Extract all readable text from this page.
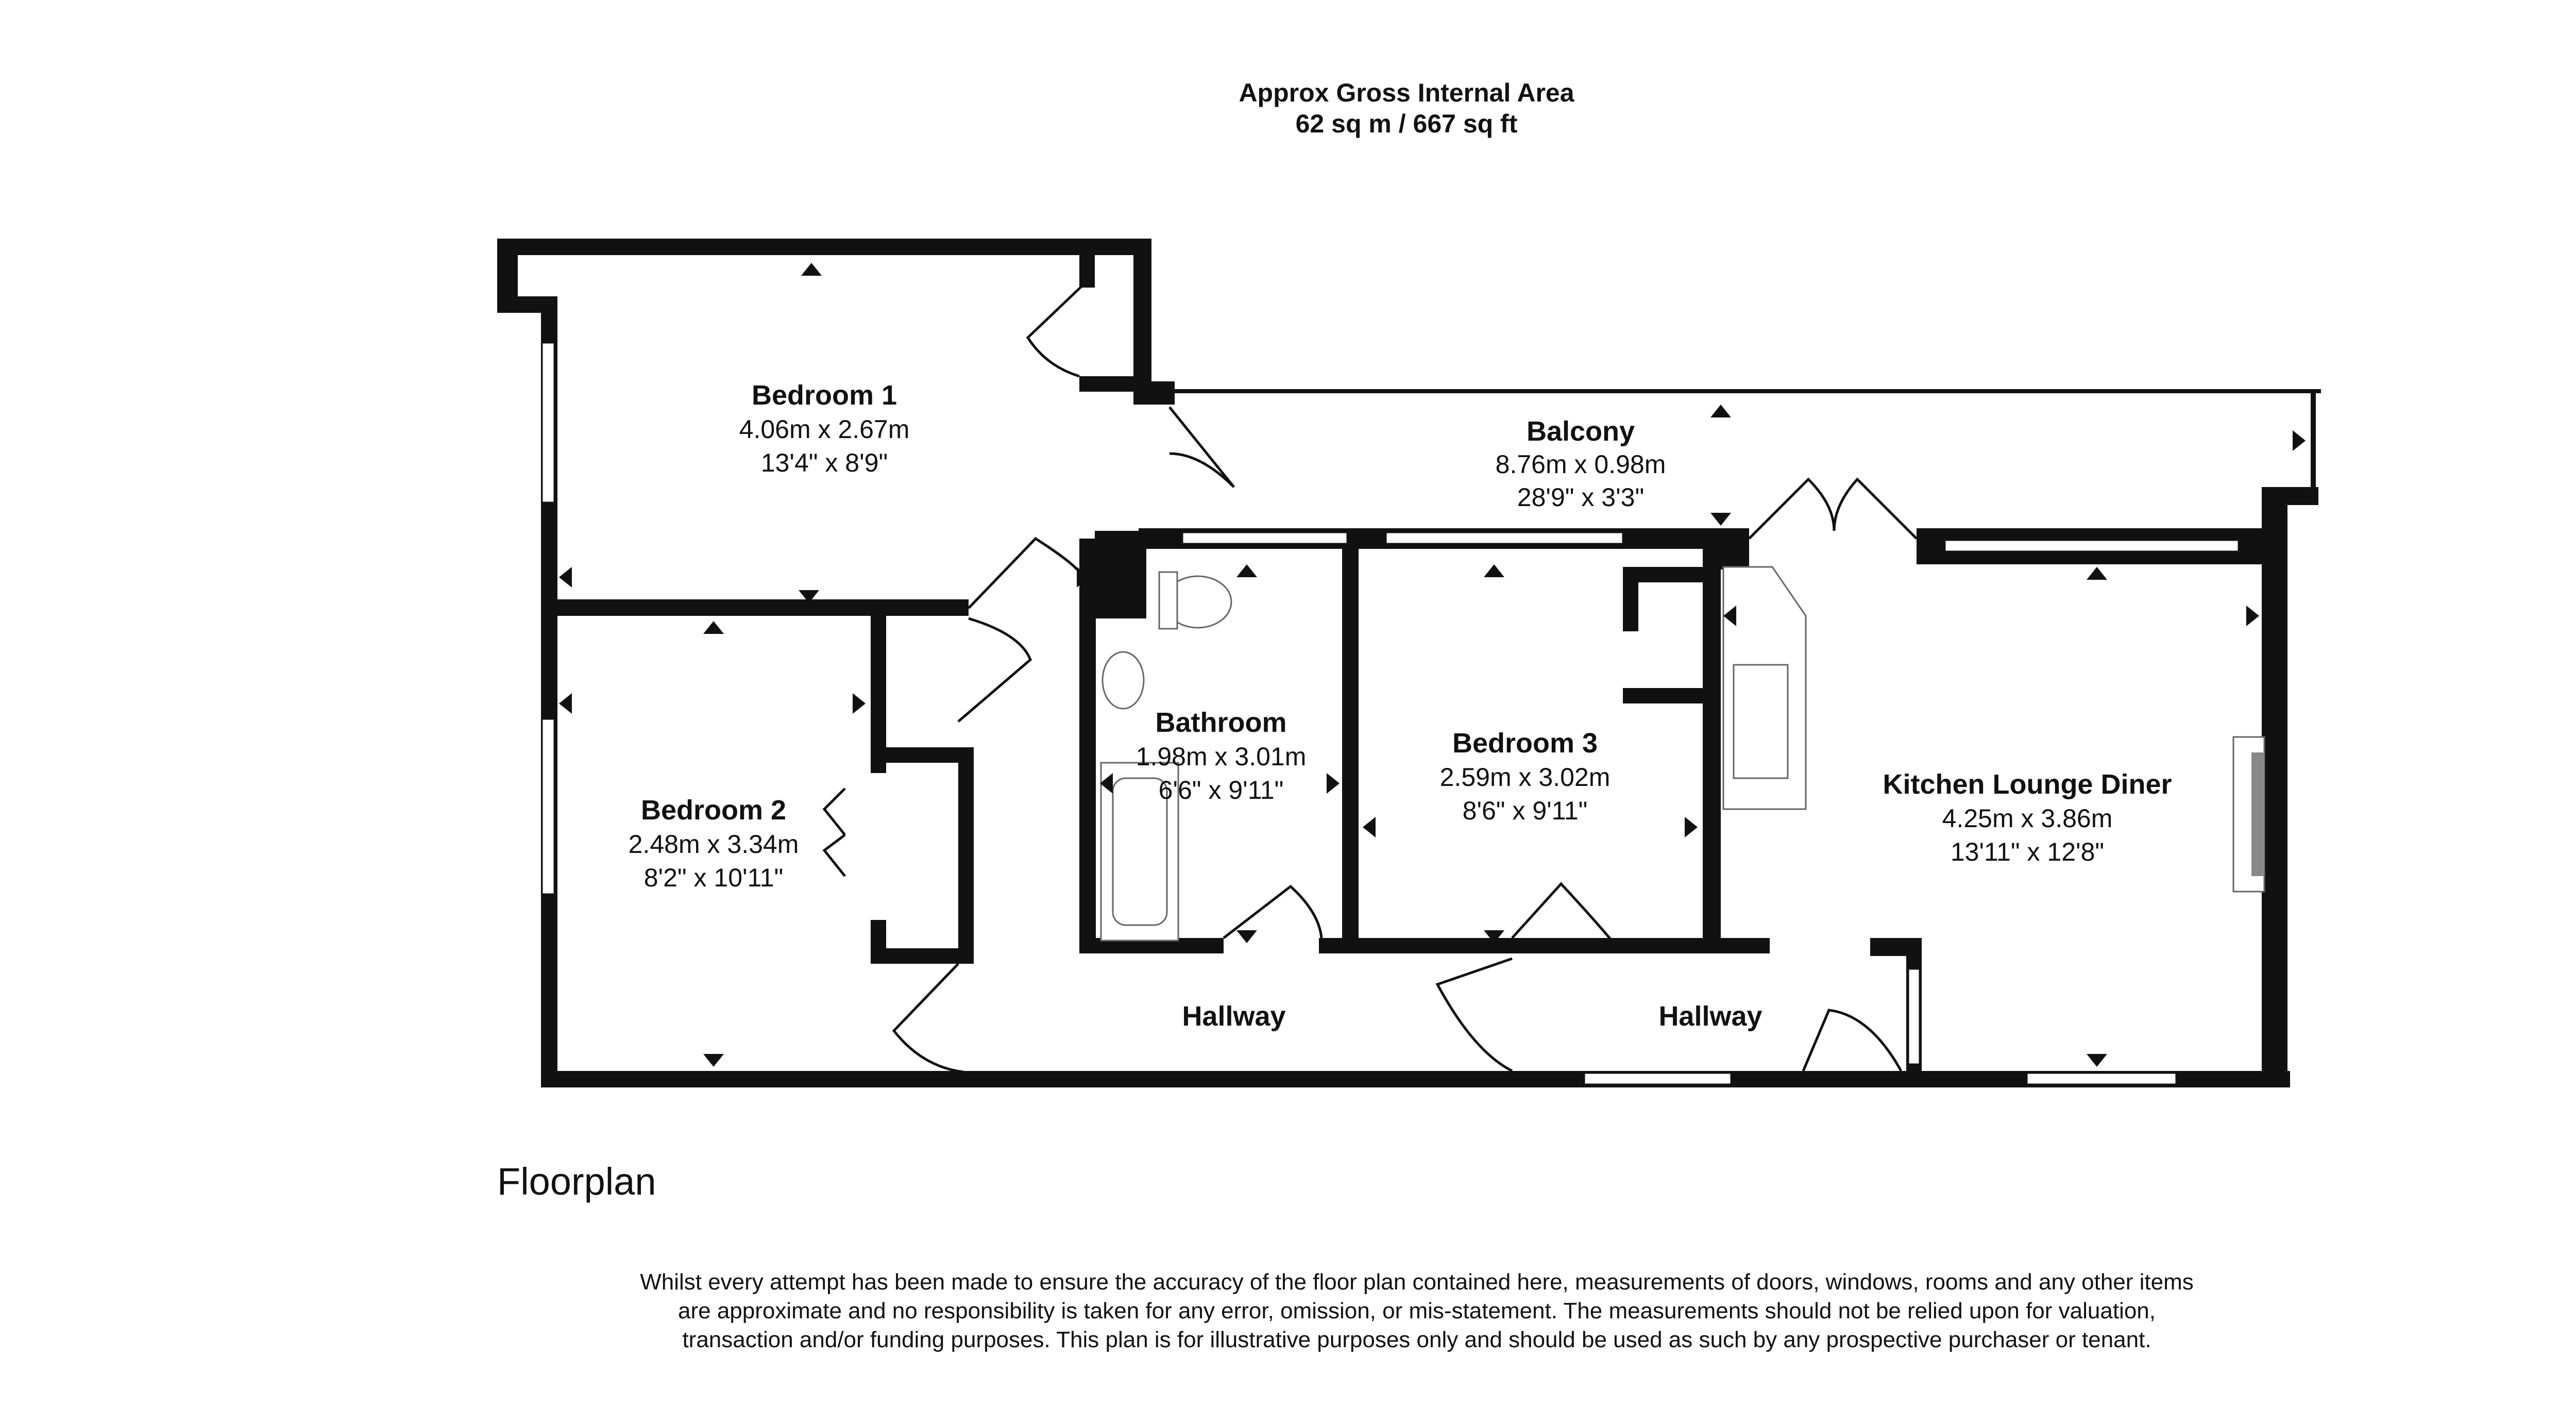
Approx Gross Internal Area
62 sq m / 667 sq ft
Bedroom 1
4.06m x 2.67m
13'4" x 8'9"
Balcony
8.76m x 0.98m
28'9" x 3'3"
Bedroom 2
2.48m x 3.34m
8'2" x 10'11"
Bathroom
1.98m x 3.01m
6'6" x 9'11"
Bedroom 3
2.59m x 3.02m
8'6" x 9'11"
Kitchen Lounge Diner
4.25m x 3.86m
13'11" x 12'8"
Hallway	Hallway
Floorplan
Whilst every attempt has been made to ensure the accuracy of the floor plan contained here, measurements of doors, windows, rooms and any other items are approximate and no responsibility is taken for any error, omission, or mis-statement. The measurements should not be relied upon for valuation, transaction and/or funding purposes. This plan is for illustrative purposes only and should be used as such by any prospective purchaser or tenant.
